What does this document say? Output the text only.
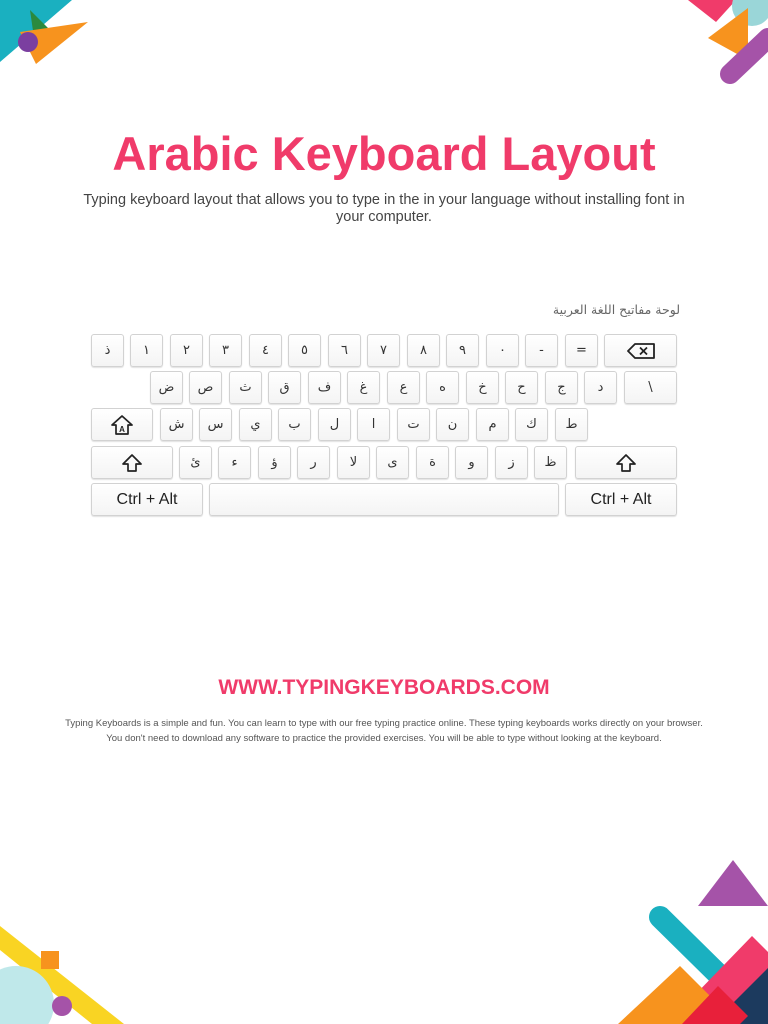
Arabic Keyboard Layout

Typing keyboard layout that allows you to type in the in your language without installing font in your computer.

لوحة مفاتيح اللغة العربية
ذ	١	٢	٣	٤	٥	٦	٧	٨	٩	٠	-	=
ض	ص	ث	ق	ف	غ	ع	ه	خ	ح	ج	د	\
A	ش	س	ي	ب	ل	ا	ت	ن	م	ك	ط
ئ	ء	ؤ	ر	لا	ى	ة	و	ز	ظ
Ctrl + Alt	Ctrl + Alt
WWW.TYPINGKEYBOARDS.COM

Typing Keyboards is a simple and fun. You can learn to type with our free typing practice online. These typing keyboards works directly on your browser. You don't need to download any software to practice the provided exercises. You will be able to type without looking at the keyboard.
